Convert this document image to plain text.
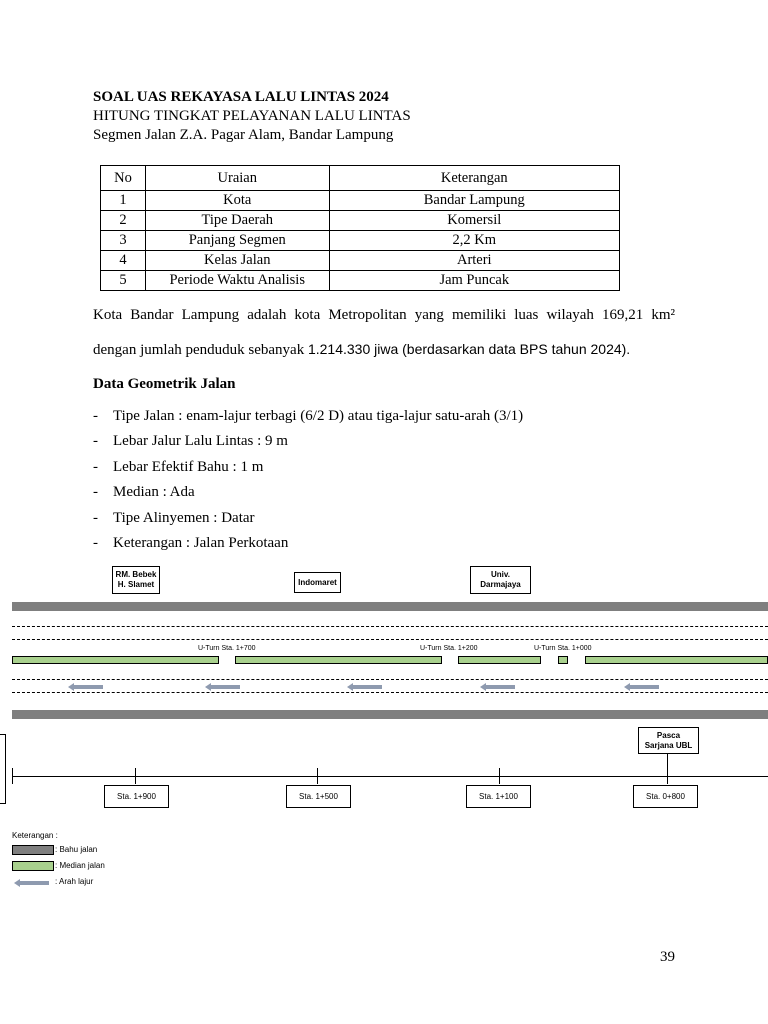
SOAL UAS REKAYASA LALU LINTAS 2024
HITUNG TINGKAT PELAYANAN LALU LINTAS
Segmen Jalan Z.A. Pagar Alam, Bandar Lampung
No	Uraian	Keterangan
1	Kota	Bandar Lampung
2	Tipe Daerah	Komersil
3	Panjang Segmen	2,2 Km
4	Kelas Jalan	Arteri
5	Periode Waktu Analisis	Jam Puncak
Kota Bandar Lampung adalah kota Metropolitan yang memiliki luas wilayah 169,21 km²
dengan jumlah penduduk sebanyak 1.214.330 jiwa (berdasarkan data BPS tahun 2024).
Data Geometrik Jalan
- Tipe Jalan : enam-lajur terbagi (6/2 D) atau tiga-lajur satu-arah (3/1)
- Lebar Jalur Lalu Lintas : 9 m
- Lebar Efektif Bahu : 1 m
- Median : Ada
- Tipe Alinyemen : Datar
- Keterangan : Jalan Perkotaan
RM. Bebek
H. Slamet	Indomaret
Univ.
Darmajaya
U-Turn Sta. 1+700	U-Turn Sta. 1+200	U-Turn Sta. 1+000
Pasca
Sarjana UBL
Sta. 1+900	Sta. 1+500	Sta. 1+100	Sta. 0+800
Keterangan :
: Bahu jalan
: Median jalan
: Arah lajur
39
